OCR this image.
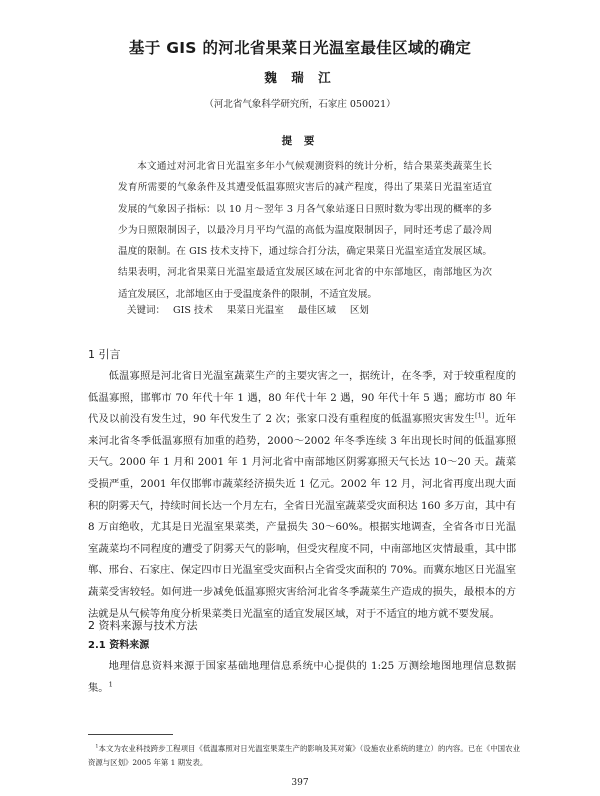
基于 GIS 的河北省果菜日光温室最佳区域的确定
魏 瑞 江
（河北省气象科学研究所，石家庄 050021）
提 要
本文通过对河北省日光温室多年小气候观测资料的统计分析，结合果菜类蔬菜生长发育所需要的气象条件及其遭受低温寡照灾害后的减产程度，得出了果菜日光温室适宜发展的气象因子指标：以 10 月～翌年 3 月各气象站逐日日照时数为零出现的概率的多少为日照限制因子，以最冷月月平均气温的高低为温度限制因子，同时还考虑了最冷周温度的限制。在 GIS 技术支持下，通过综合打分法，确定果菜日光温室适宜发展区域。结果表明，河北省果菜日光温室最适宜发展区域在河北省的中东部地区，南部地区为次适宜发展区，北部地区由于受温度条件的限制，不适宜发展。
关键词： GIS 技术 果菜日光温室 最佳区域 区划
1 引言
低温寡照是河北省日光温室蔬菜生产的主要灾害之一，据统计，在冬季，对于较重程度的低温寡照，邯郸市 70 年代十年 1 遇，80 年代十年 2 遇，90 年代十年 5 遇；廊坊市 80 年代及以前没有发生过，90 年代发生了 2 次；张家口没有重程度的低温寡照灾害发生[1]。近年来河北省冬季低温寡照有加重的趋势，2000～2002 年冬季连续 3 年出现长时间的低温寡照天气。2000 年 1 月和 2001 年 1 月河北省中南部地区阴雾寡照天气长达 10～20 天。蔬菜受损严重，2001 年仅邯郸市蔬菜经济损失近 1 亿元。2002 年 12 月，河北省再度出现大面积的阴雾天气，持续时间长达一个月左右，全省日光温室蔬菜受灾面积达 160 多万亩，其中有 8 万亩绝收，尤其是日光温室果菜类，产量损失 30～60%。根据实地调查，全省各市日光温室蔬菜均不同程度的遭受了阴雾天气的影响，但受灾程度不同，中南部地区灾情最重，其中邯郸、邢台、石家庄、保定四市日光温室受灾面积占全省受灾面积的 70%。而冀东地区日光温室蔬菜受害较轻。如何进一步减免低温寡照灾害给河北省冬季蔬菜生产造成的损失，最根本的方法就是从气候等角度分析果菜类日光温室的适宜发展区域，对于不适宜的地方就不要发展。
2 资料来源与技术方法
2.1 资料来源
地理信息资料来源于国家基础地理信息系统中心提供的 1:25 万测绘地图地理信息数据集。$^1$
$^1$本文为农业科技跨步工程项目《低温寡照对日光温室果菜生产的影响及其对策》（设施农业系统的建立）的内容。已在《中国农业资源与区划》2005 年第 1 期发表。
397
